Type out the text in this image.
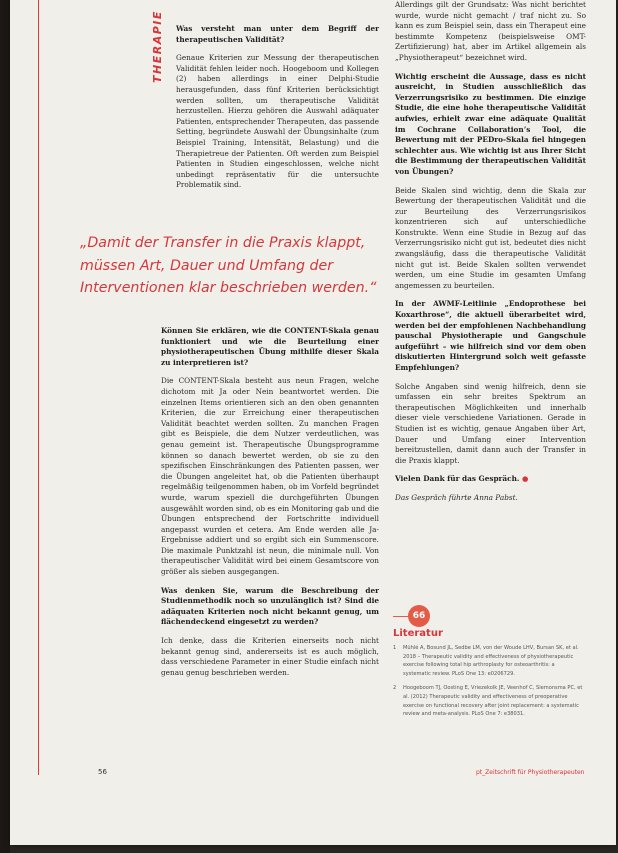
THERAPIE	Was versteht man unter dem Begriff der therapeutischen Validität?

Genaue Kriterien zur Messung der therapeutischen Validität fehlen leider noch. Hoogeboom und Kollegen (2) haben allerdings in einer Delphi-Studie herausgefunden, dass fünf Kriterien berücksichtigt werden sollten, um therapeutische Validität herzustellen. Hierzu gehören die Auswahl adäquater Patienten, entsprechender Therapeuten, das passende Setting, begründete Auswahl der Übungsinhalte (zum Beispiel Training, Intensität, Belastung) und die Therapietreue der Patienten. Oft werden zum Beispiel Patienten in Studien eingeschlossen, welche nicht unbedingt repräsentativ für die untersuchte Problematik sind.

„Damit der Transfer in die Praxis klappt, müssen Art, Dauer und Umfang der Interventionen klar beschrieben werden.“

Können Sie erklären, wie die CONTENT-Skala genau funktioniert und wie die Beurteilung einer physiotherapeutischen Übung mithilfe dieser Skala zu interpretieren ist?

Die CONTENT-Skala besteht aus neun Fragen, welche dichotom mit Ja oder Nein beantwortet werden. Die einzelnen Items orientieren sich an den oben genannten Kriterien, die zur Erreichung einer therapeutischen Validität beachtet werden sollten. Zu manchen Fragen gibt es Beispiele, die dem Nutzer verdeutlichen, was genau gemeint ist. Therapeutische Übungsprogramme können so danach bewertet werden, ob sie zu den spezifischen Einschränkungen des Patienten passen, wer die Übungen angeleitet hat, ob die Patienten überhaupt regelmäßig teilgenommen haben, ob im Vorfeld begründet wurde, warum speziell die durchgeführten Übungen ausgewählt worden sind, ob es ein Monitoring gab und die Übungen entsprechend der Fortschritte individuell angepasst wurden et cetera. Am Ende werden alle Ja-Ergebnisse addiert und so ergibt sich ein Summenscore. Die maximale Punktzahl ist neun, die minimale null. Von therapeutischer Validität wird bei einem Gesamtscore von größer als sieben ausgegangen.

Was denken Sie, warum die Beschreibung der Studienmethodik noch so unzulänglich ist? Sind die adäquaten Kriterien noch nicht bekannt genug, um flächendeckend eingesetzt zu werden?

Ich denke, dass die Kriterien einerseits noch nicht bekannt genug sind, andererseits ist es auch möglich, dass verschiedene Parameter in einer Studie einfach nicht genau genug beschrieben werden.

Allerdings gilt der Grundsatz: Was nicht berichtet wurde, wurde nicht gemacht / traf nicht zu. So kann es zum Beispiel sein, dass ein Therapeut eine bestimmte Kompetenz (beispielsweise OMT-Zertifizierung) hat, aber im Artikel allgemein als „Physiotherapeut“ bezeichnet wird.

Wichtig erscheint die Aussage, dass es nicht ausreicht, in Studien ausschließlich das Verzerrungsrisiko zu bestimmen. Die einzige Studie, die eine hohe therapeutische Validität aufwies, erhielt zwar eine adäquate Qualität im Cochrane Collaboration’s Tool, die Bewertung mit der PEDro-Skala fiel hingegen schlechter aus. Wie wichtig ist aus Ihrer Sicht die Bestimmung der therapeutischen Validität von Übungen?

Beide Skalen sind wichtig, denn die Skala zur Bewertung der therapeutischen Validität und die zur Beurteilung des Verzerrungsrisikos konzentrieren sich auf unterschiedliche Konstrukte. Wenn eine Studie in Bezug auf das Verzerrungsrisiko nicht gut ist, bedeutet dies nicht zwangsläufig, dass die therapeutische Validität nicht gut ist. Beide Skalen sollten verwendet werden, um eine Studie im gesamten Umfang angemessen zu beurteilen.

In der AWMF-Leitlinie „Endoprothese bei Koxarthrose“, die aktuell überarbeitet wird, werden bei der empfohlenen Nachbehandlung pauschal Physiotherapie und Gangschule aufgeführt – wie hilfreich sind vor dem oben diskutierten Hintergrund solch weit gefasste Empfehlungen?

Solche Angaben sind wenig hilfreich, denn sie umfassen ein sehr breites Spektrum an therapeutischen Möglichkeiten und innerhalb dieser viele verschiedene Variationen. Gerade in Studien ist es wichtig, genaue Angaben über Art, Dauer und Umfang einer Intervention bereitzustellen, damit dann auch der Transfer in die Praxis klappt.

Vielen Dank für das Gespräch. ●

Das Gespräch führte Anna Pabst.

66
Literatur
1	Mühlé A, Bosund JL, Sedbe LM, von der Woude LHV, Bursan SK, et al. 2018 – Therapeutic validity and effectiveness of physiotherapeutic exercise following total hip arthroplasty for osteoarthritis: a systematic review. PLoS One 13: e0206729.
2	Hoogeboom TJ, Oosting E, Vriezekolk JE, Veenhof C, Siemonsma PC, et al. (2012) Therapeutic validity and effectiveness of preoperative exercise on functional recovery after joint replacement: a systematic review and meta-analysis. PLoS One 7: e38031.
56	pt_Zeitschrift für Physiotherapeuten
